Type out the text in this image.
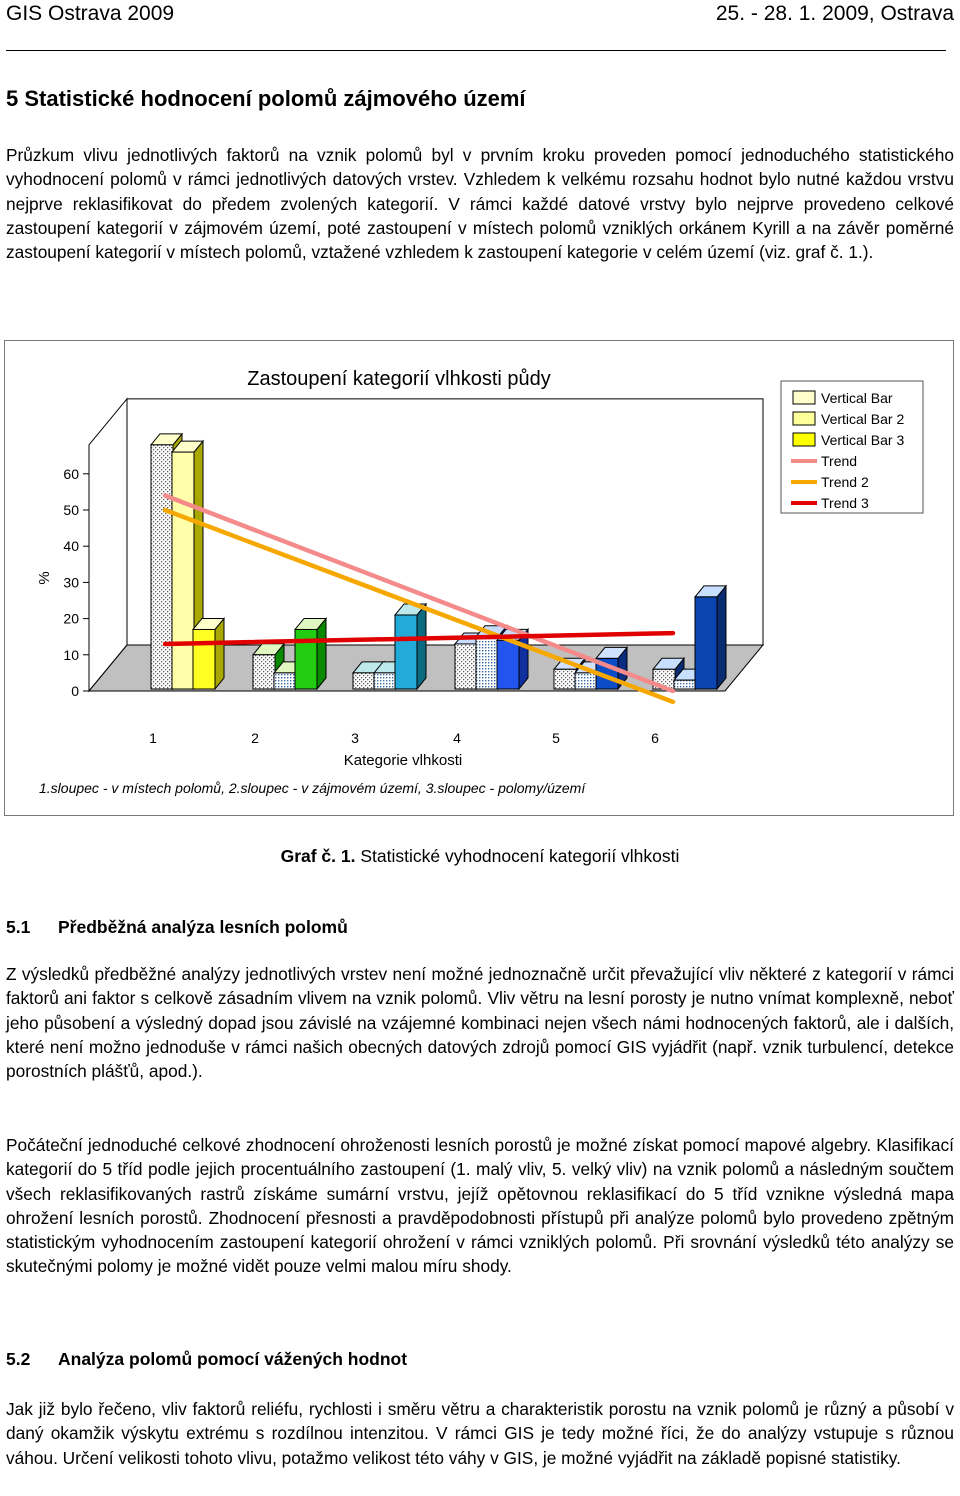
GIS Ostrava 2009	25. - 28. 1. 2009, Ostrava
5 Statistické hodnocení polomů zájmového území

Průzkum vlivu jednotlivých faktorů na vznik polomů byl v prvním kroku proveden pomocí jednoduchého statistického vyhodnocení polomů v rámci jednotlivých datových vrstev. Vzhledem k velkému rozsahu hodnot bylo nutné každou vrstvu nejprve reklasifikovat do předem zvolených kategorií. V rámci každé datové vrstvy bylo nejprve provedeno celkové zastoupení kategorií v zájmovém území, poté zastoupení v místech polomů vzniklých orkánem Kyrill a na závěr poměrné zastoupení kategorií v místech polomů, vztažené vzhledem k zastoupení kategorie v celém území (viz. graf č. 1.).

0
10
20
30
40
50
60
%
1	2	3	4	5	6
Zastoupení kategorií vlhkosti půdy
Kategorie vlhkosti
1.sloupec - v místech polomů, 2.sloupec - v zájmovém území, 3.sloupec - polomy/území
Vertical Bar
Vertical Bar 2
Vertical Bar 3
Trend
Trend 2
Trend 3
Graf č. 1. Statistické vyhodnocení kategorií vlhkosti
5.1 Předběžná analýza lesních polomů

Z výsledků předběžné analýzy jednotlivých vrstev není možné jednoznačně určit převažující vliv některé z kategorií v rámci faktorů ani faktor s celkově zásadním vlivem na vznik polomů. Vliv větru na lesní porosty je nutno vnímat komplexně, neboť jeho působení a výsledný dopad jsou závislé na vzájemné kombinaci nejen všech námi hodnocených faktorů, ale i dalších, které není možno jednoduše v rámci našich obecných datových zdrojů pomocí GIS vyjádřit (např. vznik turbulencí, detekce porostních plášťů, apod.).

Počáteční jednoduché celkové zhodnocení ohroženosti lesních porostů je možné získat pomocí mapové algebry. Klasifikací kategorií do 5 tříd podle jejich procentuálního zastoupení (1. malý vliv, 5. velký vliv) na vznik polomů a následným součtem všech reklasifikovaných rastrů získáme sumární vrstvu, jejíž opětovnou reklasifikací do 5 tříd vznikne výsledná mapa ohrožení lesních porostů. Zhodnocení přesnosti a pravděpodobnosti přístupů při analýze polomů bylo provedeno zpětným statistickým vyhodnocením zastoupení kategorií ohrožení v rámci vzniklých polomů. Při srovnání výsledků této analýzy se skutečnými polomy je možné vidět pouze velmi malou míru shody.

5.2 Analýza polomů pomocí vážených hodnot

Jak již bylo řečeno, vliv faktorů reliéfu, rychlosti i směru větru a charakteristik porostu na vznik polomů je různý a působí v daný okamžik výskytu extrému s rozdílnou intenzitou. V rámci GIS je tedy možné říci, že do analýzy vstupuje s různou váhou. Určení velikosti tohoto vlivu, potažmo velikost této váhy v GIS, je možné vyjádřit na základě popisné statistiky.
